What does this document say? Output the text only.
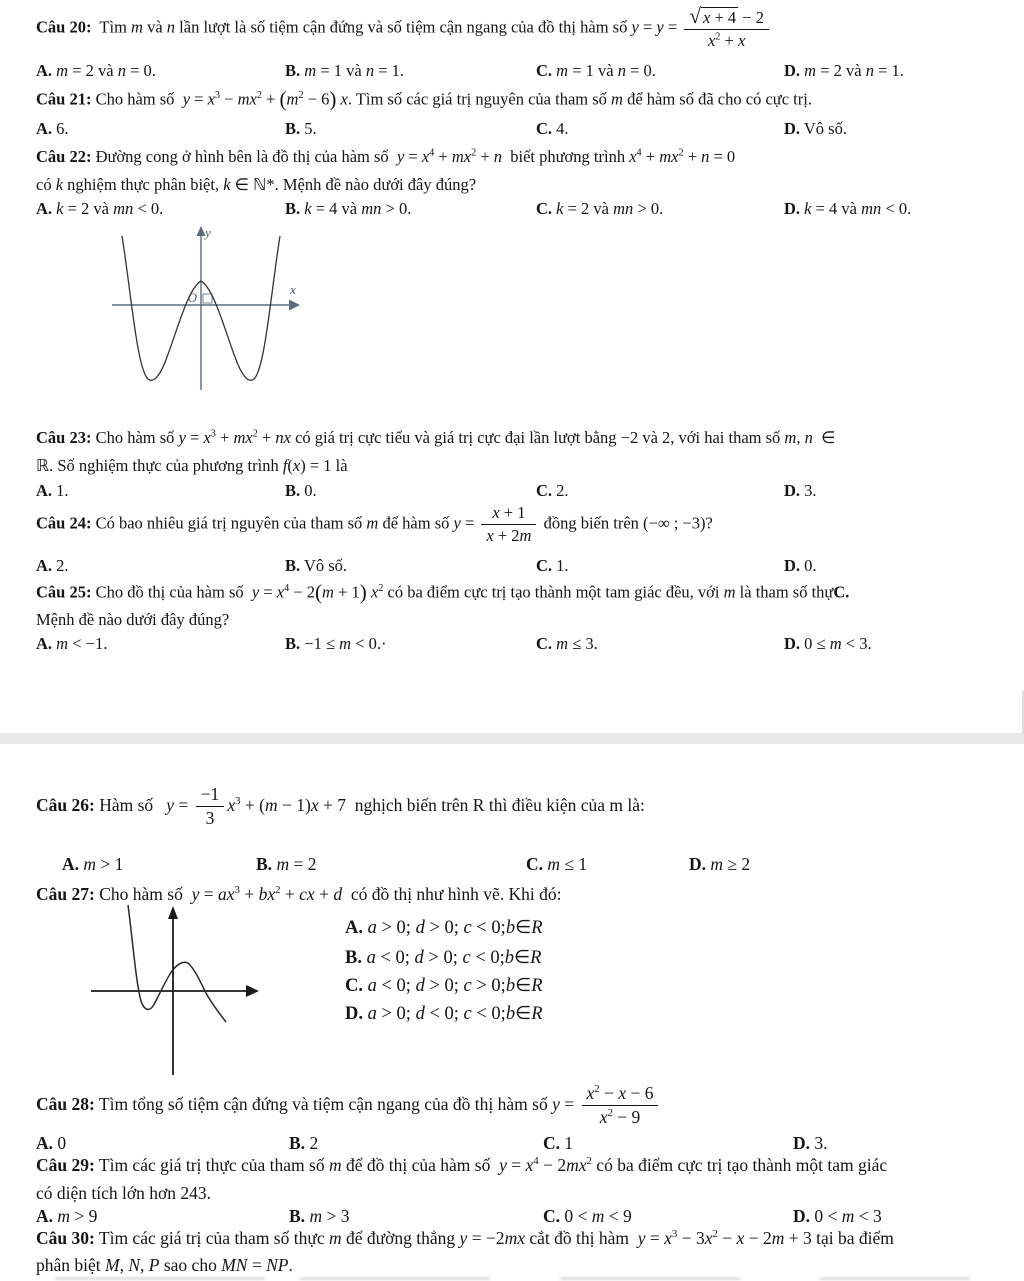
Câu 20:  Tìm m và n lần lượt là số tiệm cận đứng và số tiệm cận ngang của đồ thị hàm số $y = y = \frac{√ x + 4 - 2}{x^2 + x}$
A. m = 2 và n = 0.	B. m = 1 và n = 1.	C. m = 1 và n = 0.	D. m = 2 và n = 1.
Câu 21: Cho hàm số  $y = x^3 - mx^2 + (m^2 - 6)$ x. Tìm số các giá trị nguyên của tham số m để hàm số đã cho có cực trị.
A. 6.	B. 5.	C. 4.	D. Vô số.
Câu 22: Đường cong ở hình bên là đồ thị của hàm số  $y = x^4 + mx^2 + n$  biết phương trình $x^4 + mx^2 + n = 0$
có k nghiệm thực phân biệt, k ∈ ℕ*. Mệnh đề nào dưới đây đúng?
A. k = 2 và mn < 0.	B. k = 4 và mn > 0.	C. k = 2 và mn > 0.	D. k = 4 và mn < 0.
O
y
x
Câu 23: Cho hàm số $y = x^3 + mx^2$ + nx có giá trị cực tiểu và giá trị cực đại lần lượt bằng −2 và 2, với hai tham số m, n  ∈
ℝ. Số nghiệm thực của phương trình f(x) = 1 là
A. 1.	B. 0.	C. 2.	D. 3.
Câu 24: Có bao nhiêu giá trị nguyên của tham số m để hàm số $y = \frac{x + 1}{x + 2m}$ đồng biến trên (−∞ ; −3)?
A. 2.	B. Vô số.	C. 1.	D. 0.
Câu 25: Cho đồ thị của hàm số  $y = x^4 - 2(m + 1)$ $x^2$ có ba điểm cực trị tạo thành một tam giác đều, với m là tham số thựC.
Mệnh đề nào dưới đây đúng?
A. m < −1.	B. −1 ≤ m < 0.·	C. m ≤ 3.	D. 0 ≤ m < 3.
Câu 26: Hàm số   $y = \frac{-1}{3} x^3 + (m - 1)x + 7$  nghịch biến trên R thì điều kiện của m là:
A. m > 1	B. m = 2	C. m ≤ 1	D. m ≥ 2
Câu 27: Cho hàm số  $y = ax^3 + bx^2$ + cx + d  có đồ thị như hình vẽ. Khi đó:
A. a > 0; d > 0; c < 0;b∈R
B. a < 0; d > 0; c < 0;b∈R
C. a < 0; d > 0; c > 0;b∈R
D. a > 0; d < 0; c < 0;b∈R
Câu 28: Tìm tổng số tiệm cận đứng và tiệm cận ngang của đồ thị hàm số $y = \frac{x^2 - x - 6}{x^2 - 9}$
A. 0	B. 2	C. 1	D. 3.
Câu 29: Tìm các giá trị thực của tham số m để đồ thị của hàm số  $y = x^4 - 2mx^2$ có ba điểm cực trị tạo thành một tam giác
có diện tích lớn hơn 243.
A. m > 9	B. m > 3	C. 0 < m < 9	D. 0 < m < 3
Câu 30: Tìm các giá trị của tham số thực m để đường thẳng y = −2mx cắt đồ thị hàm  $y = x^3 - 3x^2 - x - 2m + 3$ tại ba điểm
phân biệt M, N, P sao cho MN = NP.
